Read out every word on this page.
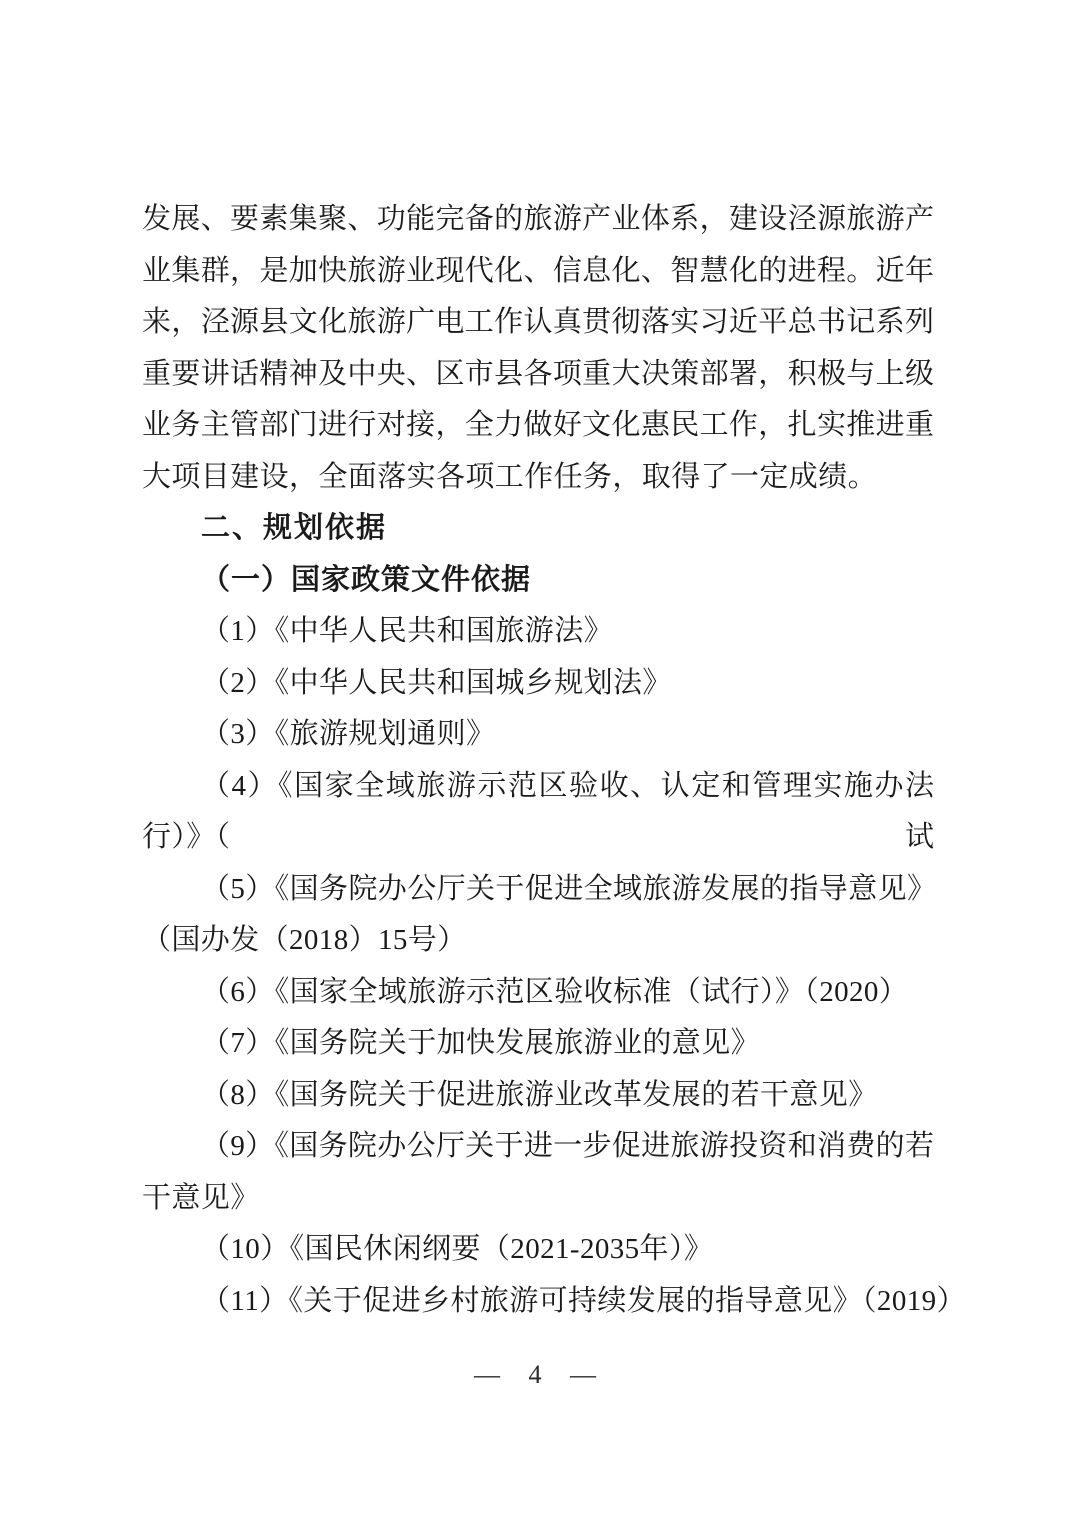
发展、要素集聚、功能完备的旅游产业体系，建设泾源旅游产
业集群，是加快旅游业现代化、信息化、智慧化的进程。近年
来，泾源县文化旅游广电工作认真贯彻落实习近平总书记系列
重要讲话精神及中央、区市县各项重大决策部署，积极与上级
业务主管部门进行对接，全力做好文化惠民工作，扎实推进重
大项目建设，全面落实各项工作任务，取得了一定成绩。
二、规划依据
（一）国家政策文件依据
（1）《中华人民共和国旅游法》
（2）《中华人民共和国城乡规划法》
（3）《旅游规划通则》
（4）《国家全域旅游示范区验收、认定和管理实施办法（试
行）》
（5）《国务院办公厅关于促进全域旅游发展的指导意见》
（国办发（2018）15号）
（6）《国家全域旅游示范区验收标准（试行）》（2020）
（7）《国务院关于加快发展旅游业的意见》
（8）《国务院关于促进旅游业改革发展的若干意见》
（9）《国务院办公厅关于进一步促进旅游投资和消费的若
干意见》
（10）《国民休闲纲要（2021-2035年）》
（11）《关于促进乡村旅游可持续发展的指导意见》（2019）
— 4 —
